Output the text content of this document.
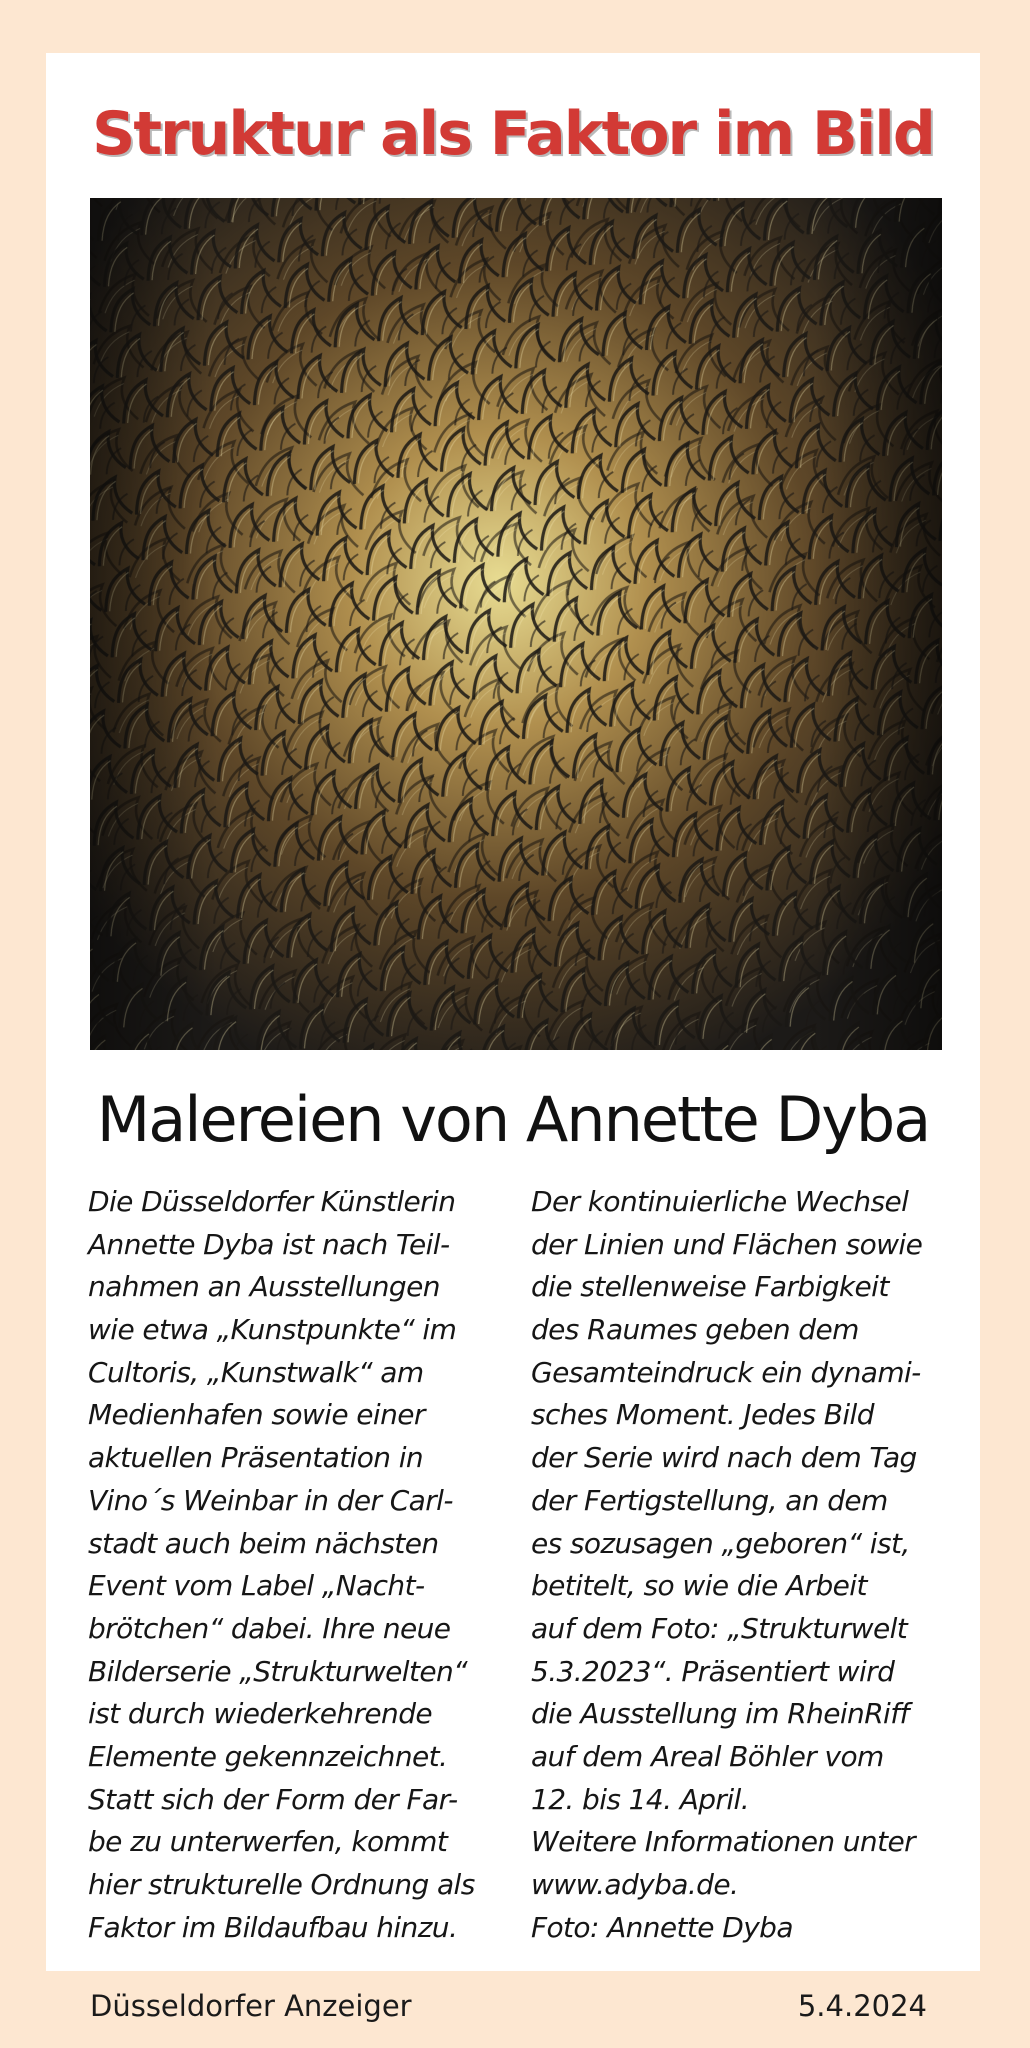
Struktur als Faktor im Bild
Malereien von Annette Dyba
Die Düsseldorfer Künstlerin
Annette Dyba ist nach Teil-
nahmen an Ausstellungen
wie etwa „Kunstpunkte“ im
Cultoris, „Kunstwalk“ am
Medienhafen sowie einer
aktuellen Präsentation in
Vino´s Weinbar in der Carl-
stadt auch beim nächsten
Event vom Label „Nacht-
brötchen“ dabei. Ihre neue
Bilderserie „Strukturwelten“
ist durch wiederkehrende
Elemente gekennzeichnet.
Statt sich der Form der Far-
be zu unterwerfen, kommt
hier strukturelle Ordnung als
Faktor im Bildaufbau hinzu.
Der kontinuierliche Wechsel
der Linien und Flächen sowie
die stellenweise Farbigkeit
des Raumes geben dem
Gesamteindruck ein dynami-
sches Moment. Jedes Bild
der Serie wird nach dem Tag
der Fertigstellung, an dem
es sozusagen „geboren“ ist,
betitelt, so wie die Arbeit
auf dem Foto: „Strukturwelt
5.3.2023“. Präsentiert wird
die Ausstellung im RheinRiff
auf dem Areal Böhler vom
12. bis 14. April.
Weitere Informationen unter
www.adyba.de.
Foto: Annette Dyba
Düsseldorfer Anzeiger	5.4.2024
